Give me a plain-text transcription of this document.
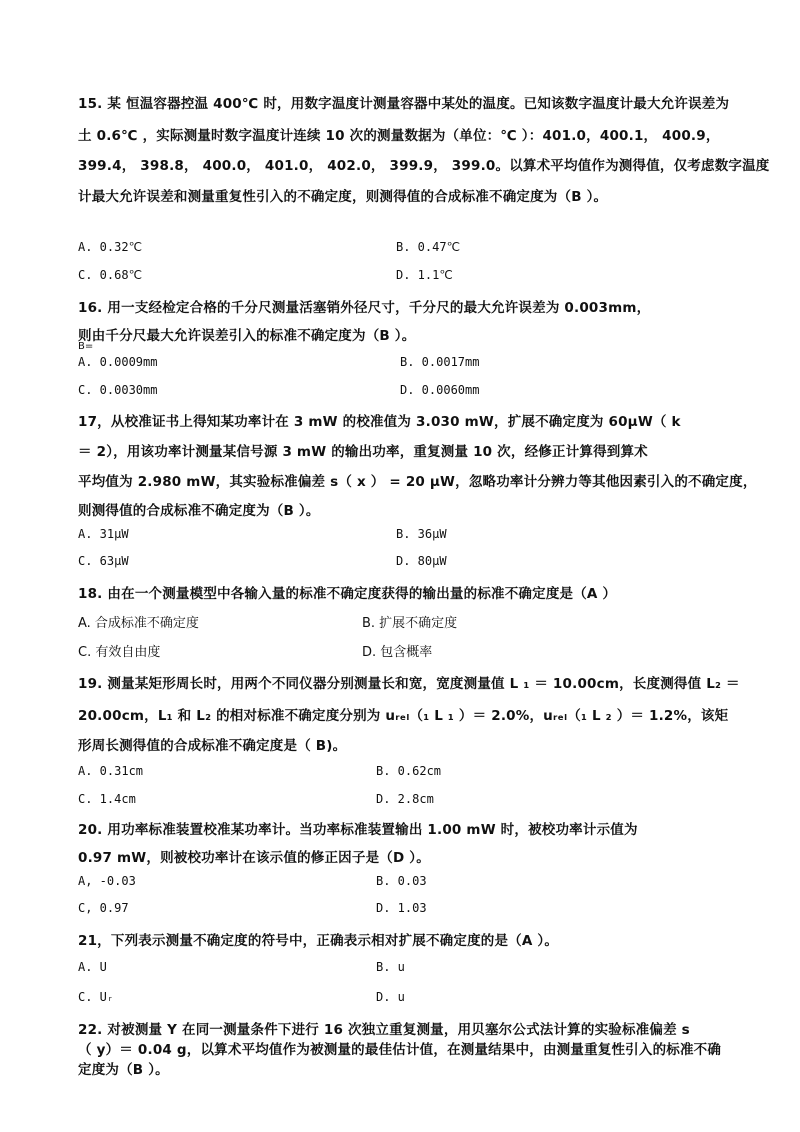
15. 某 恒温容器控温 400℃ 时，用数字温度计测量容器中某处的温度。已知该数字温度计最大允许误差为
土 0.6℃ ，实际测量时数字温度计连续 10 次的测量数据为（单位：℃ ）：401.0，400.1， 400.9，
399.4， 398.8， 400.0， 401.0， 402.0， 399.9， 399.0。以算术平均值作为测得值，仅考虑数字温度
计最大允许误差和测量重复性引入的不确定度，则测得值的合成标准不确定度为（B ）。
A. 0.32℃	B. 0.47℃
C. 0.68℃	D. 1.1℃
16. 用一支经检定合格的千分尺测量活塞销外径尺寸，千分尺的最大允许误差为 0.003mm，
则由千分尺最大允许误差引入的标准不确定度为（B ）。
B=
A. 0.0009mm	B. 0.0017mm
C. 0.0030mm	D. 0.0060mm
17，从校准证书上得知某功率计在 3 mW 的校准值为 3.030 mW，扩展不确定度为 60μW（ k
＝ 2），用该功率计测量某信号源 3 mW 的输出功率，重复测量 10 次，经修正计算得到算术
平均值为 2.980 mW，其实验标准偏差 s（ x ） = 20 μW，忽略功率计分辨力等其他因素引入的不确定度，
则测得值的合成标准不确定度为（B ）。
A. 31μW	B. 36μW
C. 63μW	D. 80μW
18. 由在一个测量模型中各输入量的标准不确定度获得的输出量的标准不确定度是（A ）
A. 合成标准不确定度	B. 扩展不确定度
C. 有效自由度	D. 包含概率
19. 测量某矩形周长时，用两个不同仪器分别测量长和宽，宽度测量值 L ₁ ＝ 10.00cm，长度测得值 L₂ ＝
20.00cm，L₁ 和 L₂ 的相对标准不确定度分别为 uᵣₑₗ（₁ L ₁ ）＝ 2.0%，uᵣₑₗ（₁ L ₂ ）＝ 1.2%，该矩
形周长测得值的合成标准不确定度是（ B)。
A. 0.31cm	B. 0.62cm
C. 1.4cm	D. 2.8cm
20. 用功率标准装置校准某功率计。当功率标准装置输出 1.00 mW 时，被校功率计示值为
0.97 mW，则被校功率计在该示值的修正因子是（D ）。
A, -0.03	B. 0.03
C, 0.97	D. 1.03
21，下列表示测量不确定度的符号中，正确表示相对扩展不确定度的是（A ）。
A. U	B. u
C. Uᵣ	D. u
22. 对被测量 Y 在同一测量条件下进行 16 次独立重复测量，用贝塞尔公式法计算的实验标准偏差 s
（ y）＝ 0.04 g，以算术平均值作为被测量的最佳估计值，在测量结果中，由测量重复性引入的标准不确
定度为（B ）。
